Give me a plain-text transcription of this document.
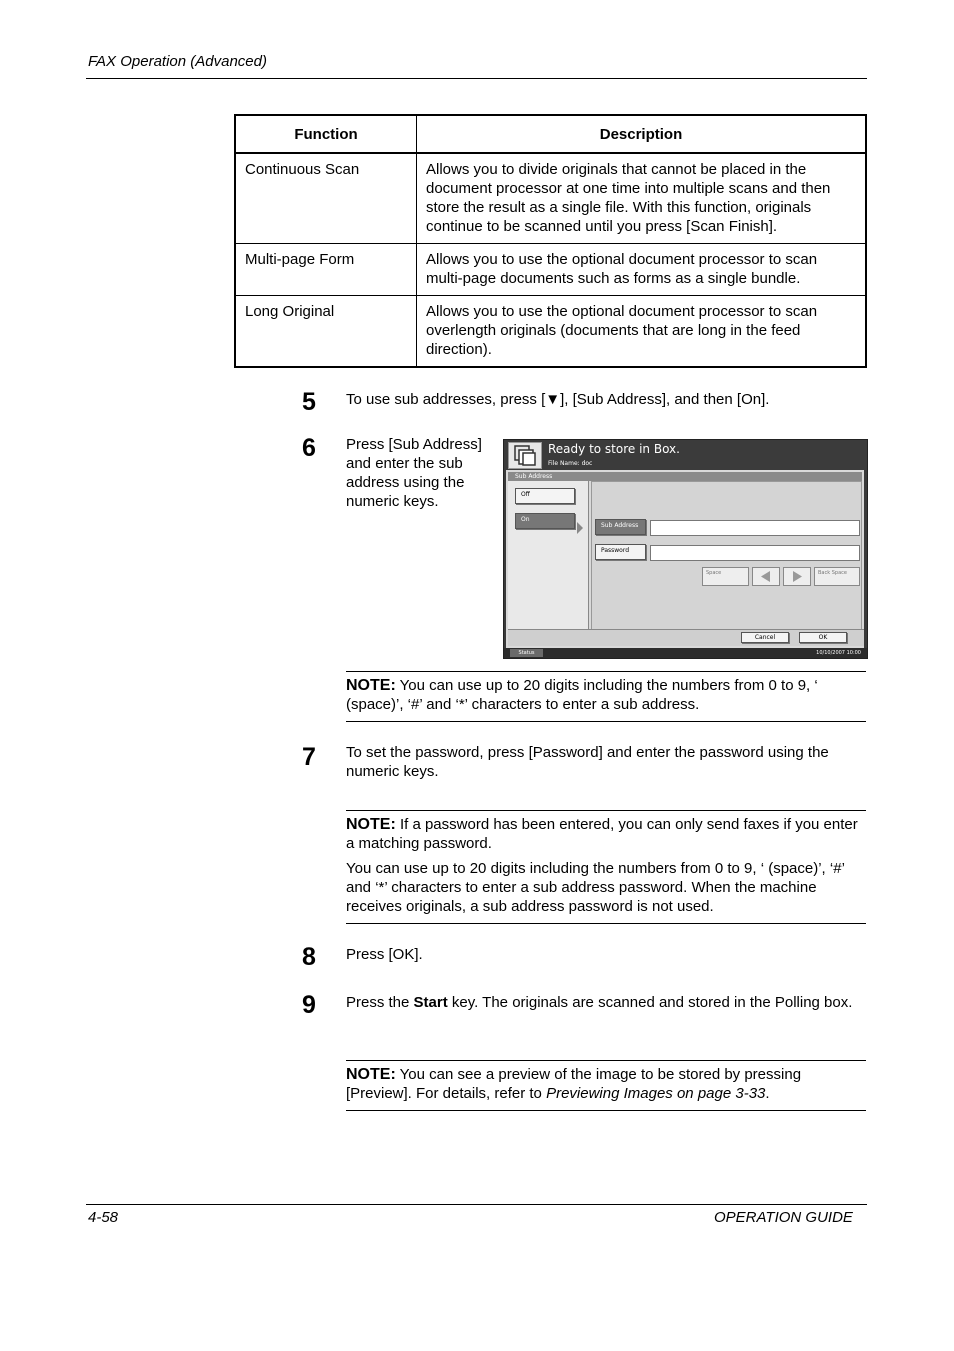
FAX Operation (Advanced)
Function	Description
Continuous Scan	Allows you to divide originals that cannot be placed in the document processor at one time into multiple scans and then store the result as a single file. With this function, originals continue to be scanned until you press [Scan Finish].
Multi-page Form	Allows you to use the optional document processor to scan multi-page documents such as forms as a single bundle.
Long Original	Allows you to use the optional document processor to scan overlength originals (documents that are long in the feed direction).
5 To use sub addresses, press [▼], [Sub Address], and then [On].
6 Press [Sub Address] and enter the sub address using the numeric keys.
Ready to store in Box.
File Name: doc
Sub Address
Off
On
Sub Address
Password
Space	Back Space
Cancel	OK
Status	10/10/2007 10:00

NOTE: You can use up to 20 digits including the numbers from 0 to 9, ‘ (space)’, ‘#’ and ‘*’ characters to enter a sub address.

7 To set the password, press [Password] and enter the password using the numeric keys.

NOTE: If a password has been entered, you can only send faxes if you enter a matching password.

You can use up to 20 digits including the numbers from 0 to 9, ‘ (space)’, ‘#’ and ‘*’ characters to enter a sub address password. When the machine receives originals, a sub address password is not used.

8 Press [OK].
9 Press the Start key. The originals are scanned and stored in the Polling box.

NOTE: You can see a preview of the image to be stored by pressing [Preview]. For details, refer to Previewing Images on page 3-33.

4-58	OPERATION GUIDE
